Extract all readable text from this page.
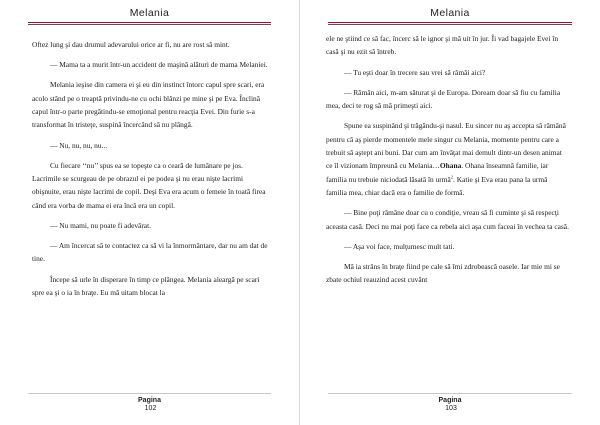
Melania

Oftez lung şi dau drumul adevarului orice ar fi, nu are rost să mint.

— Mama ta a murit într-un accident de maşină alături de mama Melaniei.

Melania ieşise din camera ei şi eu din instinct întorc capul spre scari, era acolo stând pe o treaptă privindu-ne cu ochi blânzi pe mine şi pe Eva. Înclină capul într-o parte pregătindu-se emoţional pentru reacţia Evei. Din furie s-a transformat în tristeţe, suspină încercând să nu plângă.

— Nu, nu, nu, nu...

Cu fiecare ‘‘nu’’ spus ea se topeşte ca o ceară de lumânare pe jos. Lacrimile se scurgeau de pe obrazul ei pe podea şi nu erau nişte lacrimi obişnuite, erau nişte lacrimi de copil. Deşi Eva era acum o femeie în toată firea când era vorba de mama ei era încă era un copil.

— Nu mami, nu poate fi adevărat.

— Am încercat să te contactez ca să vi la înmormântare, dar nu am dat de tine.

Începe să urle în disperare în timp ce plângea. Melania aleargă pe scari spre ea şi o ia în braţe. Eu mă uitam blocat la

Pagina
102
Melania

ele ne ştiind ce să fac, încerc să le ignor şi mă uit în jur. Îi vad bagajele Evei în casă şi nu ezit să întreb.

— Tu eşti doar în trecere sau vrei să rămâi aici?

— Rămân aici, m-am săturat şi de Europa. Doream doar să fiu cu familia mea, deci te rog să mă primeşti aici.

Spune ea suspinând şi trăgându-şi nasul. Eu sincer nu aş accepta să rămână pentru că aş pierde momentele mele singur cu Melania, momente pentru care a trebuit să aştept ani buni. Dar cum am învăţat mai demult dintr-un desen animat ce îl vizionam împreună cu Melania…Ohana. Ohana înseamnă familie, iar familia nu trebuie niciodată lăsată în urmă$^2$. Katie şi Eva erau pana la urmă familia mea, chiar dacă era o familie de formă.

— Bine poţi rămâne doar cu o condiţie, vreau să fi cuminte şi să respecţi aceasta casă. Deci nu mai poţi face ca rebela aici aşa cum faceai în vechea ta casă.

— Aşa voi face, mulţumesc mult tati.

Mă ia strâns în braţe fiind pe cale să îmi zdrobească oasele. Iar mie mi se zbate ochiul reauzind acest cuvânt

Pagina
103
